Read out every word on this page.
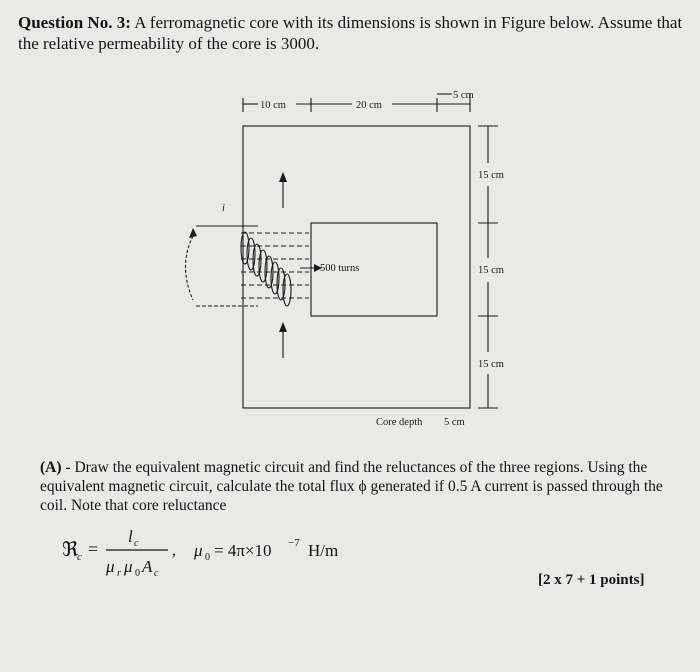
Question No. 3: A ferromagnetic core with its dimensions is shown in Figure below. Assume that the relative permeability of the core is 3000.
10 cm	20 cm
5 cm
15 cm
15 cm
15 cm
500 turns
i
Core depth 5 cm
(A) - Draw the equivalent magnetic circuit and find the reluctances of the three regions. Using the equivalent magnetic circuit, calculate the total flux ϕ generated if 0.5 A current is passed through the coil. Note that core reluctance
ℜ
c =
l c
μ r μ 0 A c
, μ 0 = 4π×10 −7 H/m
[2 x 7 + 1 points]
